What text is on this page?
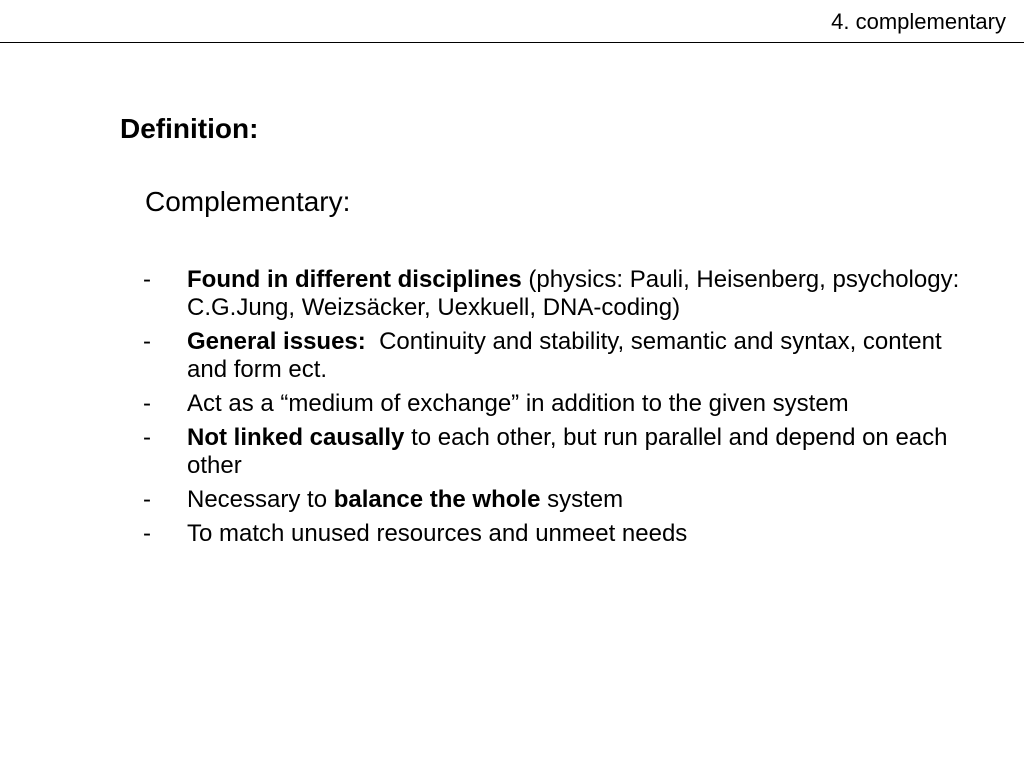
4. complementary
Definition:
Complementary:
- Found in different disciplines (physics: Pauli, Heisenberg, psychology: C.G.Jung, Weizsäcker, Uexkuell, DNA-coding)
- General issues:  Continuity and stability, semantic and syntax, content and form ect.
- Act as a “medium of exchange” in addition to the given system
- Not linked causally to each other, but run parallel and depend on each other
- Necessary to balance the whole system
- To match unused resources and unmeet needs
